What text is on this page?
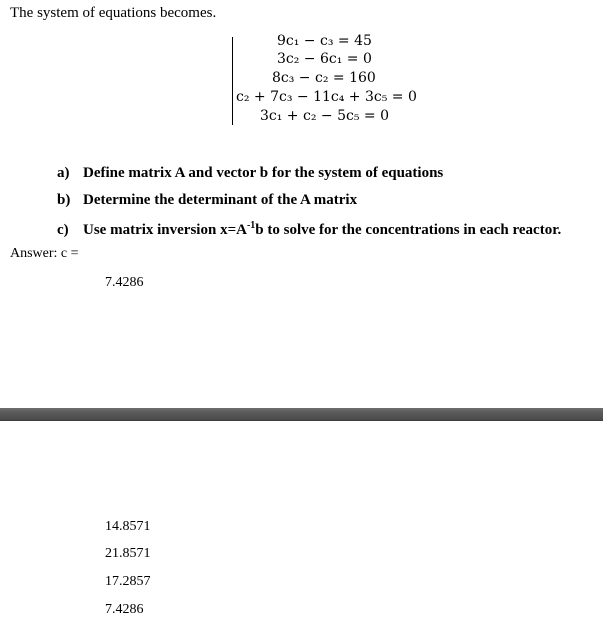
The system of equations becomes.
9c₁ − c₃ = 45
3c₂ − 6c₁ = 0
8c₃ − c₂ = 160
c₂ + 7c₃ − 11c₄ + 3c₅ = 0
3c₁ + c₂ − 5c₅ = 0
a) Define matrix A and vector b for the system of equations
b) Determine the determinant of the A matrix
c) Use matrix inversion $x=A^{-1}b$ to solve for the concentrations in each reactor.
Answer: c =
7.4286
14.8571
21.8571
17.2857
7.4286
